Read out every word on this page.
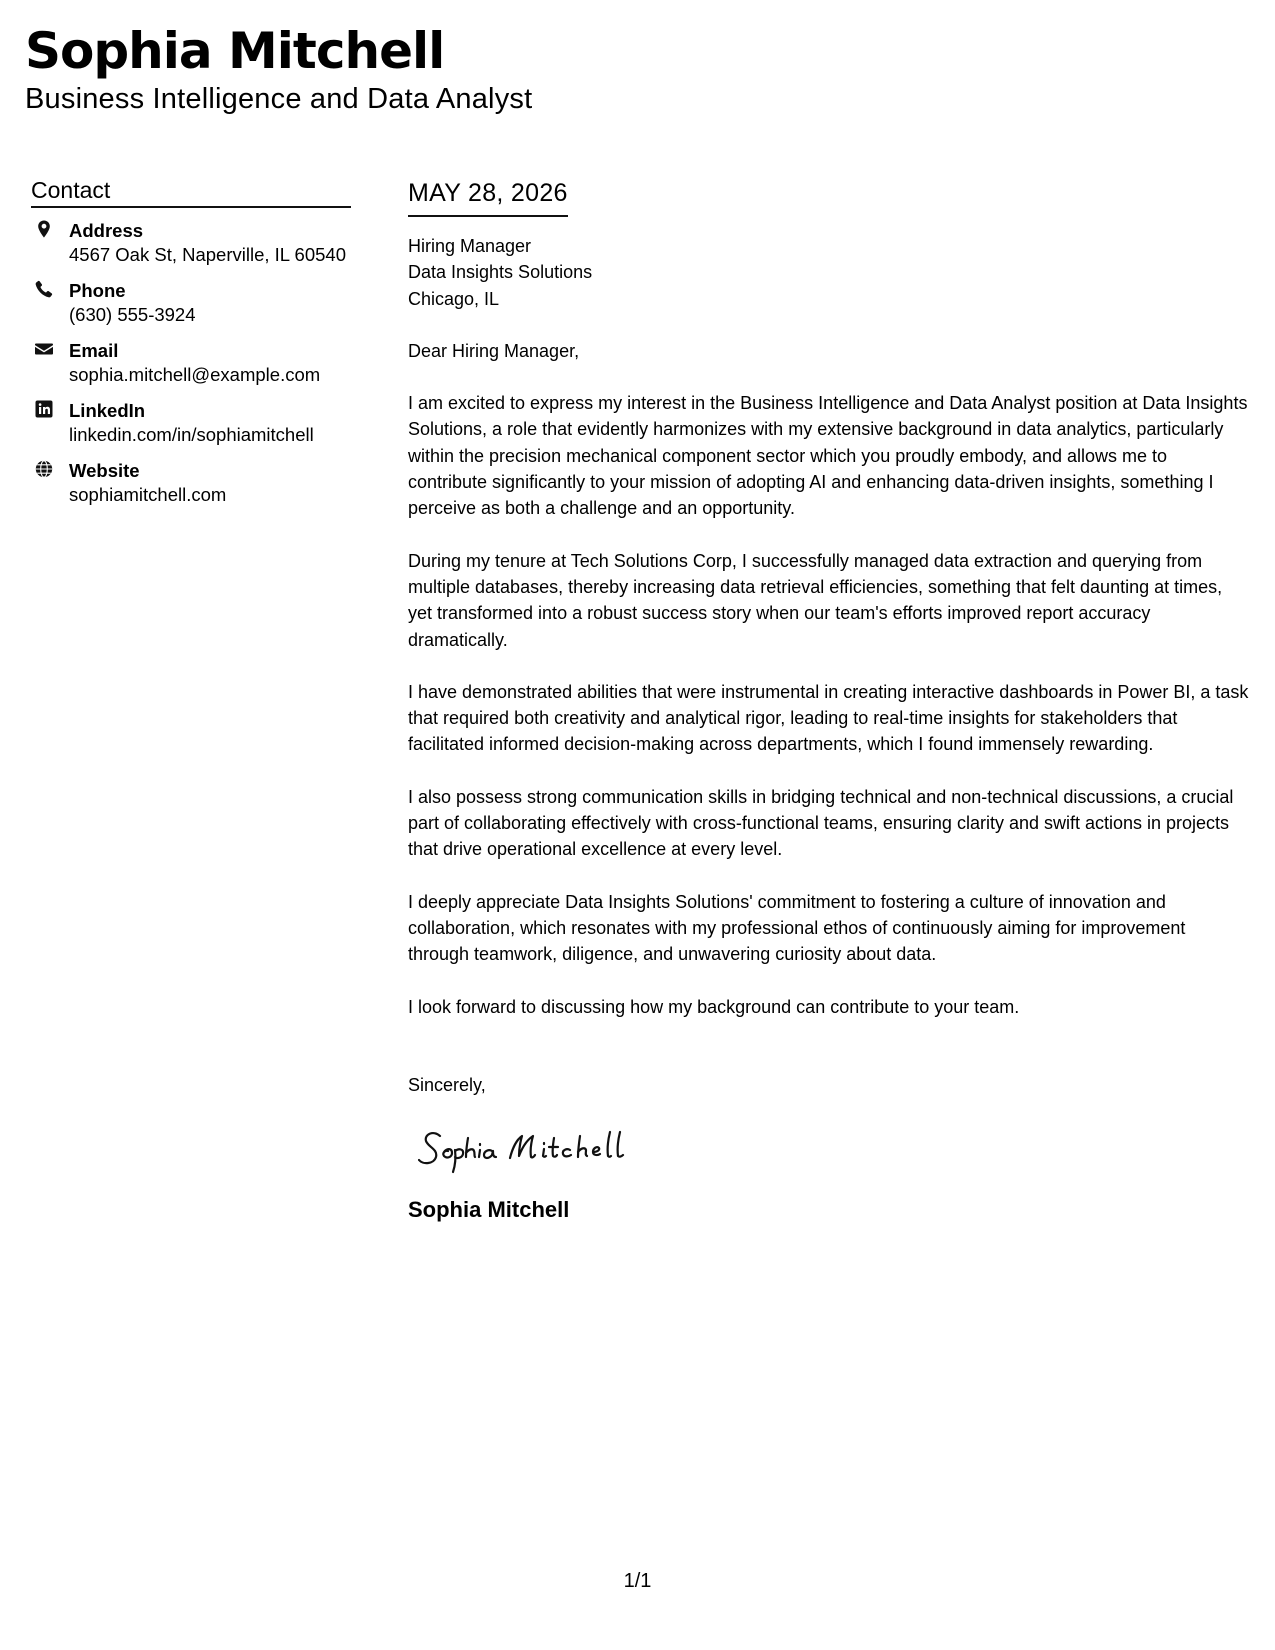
Sophia Mitchell
Business Intelligence and Data Analyst
Contact
Address
4567 Oak St, Naperville, IL 60540
Phone
(630) 555-3924
Email
sophia.mitchell@example.com
LinkedIn
linkedin.com/in/sophiamitchell
Website
sophiamitchell.com
MAY 28, 2026
Hiring Manager
Data Insights Solutions
Chicago, IL
Dear Hiring Manager,
I am excited to express my interest in the Business Intelligence and Data Analyst position at Data Insights Solutions, a role that evidently harmonizes with my extensive background in data analytics, particularly within the precision mechanical component sector which you proudly embody, and allows me to contribute significantly to your mission of adopting AI and enhancing data-driven insights, something I perceive as both a challenge and an opportunity.
During my tenure at Tech Solutions Corp, I successfully managed data extraction and querying from multiple databases, thereby increasing data retrieval efficiencies, something that felt daunting at times, yet transformed into a robust success story when our team's efforts improved report accuracy dramatically.
I have demonstrated abilities that were instrumental in creating interactive dashboards in Power BI, a task that required both creativity and analytical rigor, leading to real-time insights for stakeholders that facilitated informed decision-making across departments, which I found immensely rewarding.
I also possess strong communication skills in bridging technical and non-technical discussions, a crucial part of collaborating effectively with cross-functional teams, ensuring clarity and swift actions in projects that drive operational excellence at every level.
I deeply appreciate Data Insights Solutions' commitment to fostering a culture of innovation and collaboration, which resonates with my professional ethos of continuously aiming for improvement through teamwork, diligence, and unwavering curiosity about data.
I look forward to discussing how my background can contribute to your team.
Sincerely,
Sophia Mitchell
1/1
